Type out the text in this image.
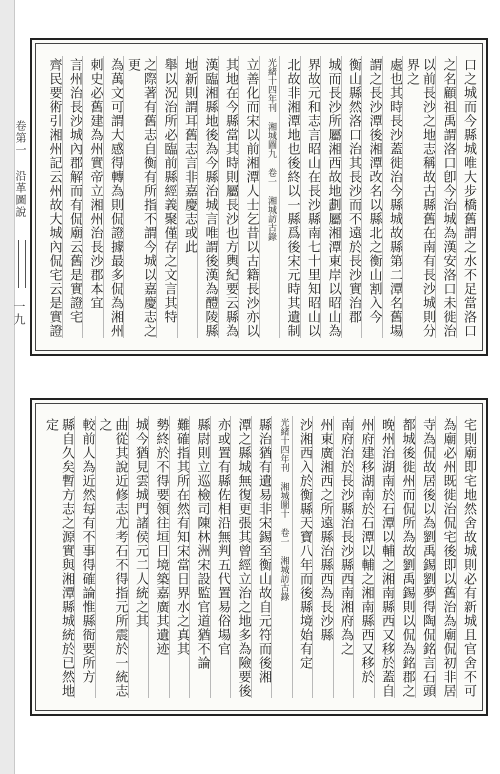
卷第一 沿革圖說
一九	口之城而今縣城唯大步橋舊謂之水不足當洛口
之名顧祖禹謂洛口卽今治城為漢安洛口未徙治
以前長沙之地志稱故古縣舊在南有長沙城則分界之
處也其時長沙蓋徙治今縣城故縣第二潭名舊場
謂之長沙潭後湘潭改名以縣北之衡山割入今
衡山縣然洛口治其長沙而不遠於長沙實治郡
城而長沙所屬湘西故地劃屬湘潭東岸以昭山為
界故元和志言昭山在長沙縣南七十里知昭山以
北故非湘潭地也後終以一縣爲後宋元時其遺制
光緒十四年刊 湘城圖九 卷一 湘城訪古錄
立善化而宋以前湘潭人士乞昔以古籍長沙亦以
其地在今縣當其時則屬長沙也方輿紀要云縣為
漢臨湘縣地後為今縣治城言唯謂後漢為醴陵縣
地新則謂耳舊志言非嘉慶志或此
舉以況治所必臨前縣經義聚僅存之文言其特
之際著有舊志自衡有所指不謂今城以嘉慶志之更
為萬文可謂大感得轉為則侃證據最多侃為湘州
刺史必舊建為州實帝立湘州治長沙郡本宜
言州治長沙城內郡解而有侃廟云舊是實證宅
齊民要術引湘州記云州故大城內侃宅云是實證
宅則廟即宅地然舍故城則必有新城且官舍不可
為廟必州既徙治侃宅後即以舊治為廟侃初非居
寺為侃故居後以為劉禹錫劉夢得陶侃銘言石頭
都城後徙州而侃所為故劉禹錫則以侃為銘郡之
晚州治湖南於石潭以輔之湘南縣西又移於蓋自
州府建移湖南於石潭以輔之湘南縣西又移於
南府治於長沙縣治長沙縣西南湘府為之
州東廣湘西之所遠縣治縣西為長沙縣
沙湘西入於衡縣天寶八年而後縣境始有定
光緒十四年刊 湘城圖十 卷一 湘城訪古錄
縣治猶有遺易非宋錫至衡山故自元符而後湘
潭之縣城無復更張其曾經立治之地多為險要後
亦或置有縣佐相沿無判五代置易俗場官
縣尉則立巡檢司陳林洲宋設監官道猶不論
難確指其所在然有知宋當日界水之真其
勢終於不得要領往垣日境築嘉廣其遺迹
城今猶見雲城門諸侯元二人統之其
曲從其說近修志尤考石不得指元所震於一統志之
較前人為近然每有不事得確論惟縣衙要所方
縣自久矣暫方志之源實與湘潭縣城統於已然地定
